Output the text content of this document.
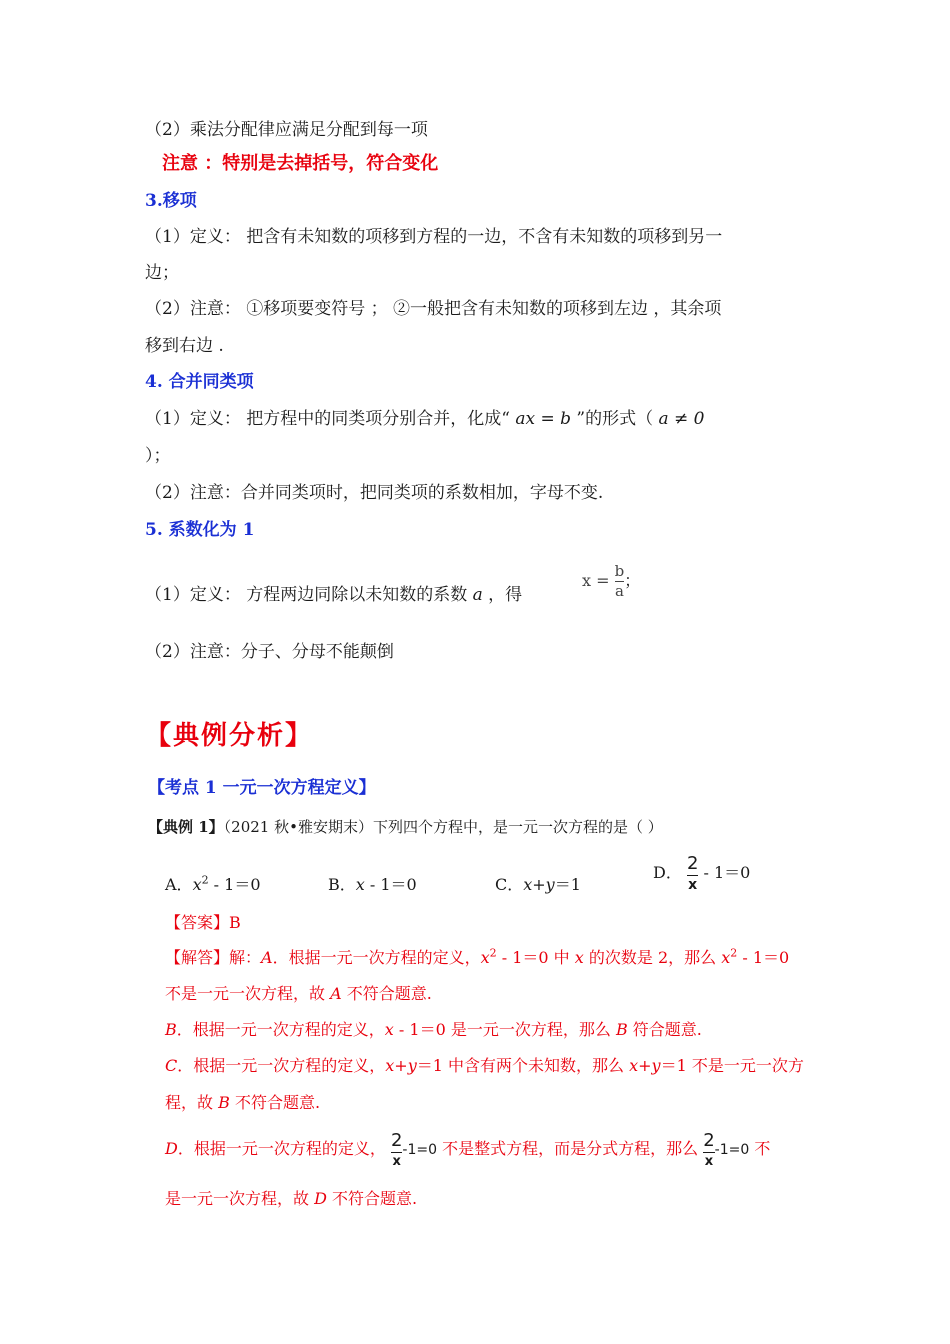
（2）乘法分配律应满足分配到每一项
注意 ：特别是去掉括号，符合变化
3.移项
（1）定义： 把含有未知数的项移到方程的一边，不含有未知数的项移到另一
边；
（2）注意： ①移项要变符号 ； ②一般把含有未知数的项移到左边 ，其余项
移到右边 .
4. 合并同类项
（1）定义： 把方程中的同类项分别合并，化成“ ax = b ”的形式（ a ≠ 0
）；
（2）注意：合并同类项时，把同类项的系数相加，字母不变.
5. 系数化为 1
（1）定义： 方程两边同除以未知数的系数 a ，得
$x = \frac{b}{a}$ ；
（2）注意：分子、分母不能颠倒
【典例分析】
【考点 1 一元一次方程定义】
【典例 1】（2021 秋•雅安期末）下列四个方程中，是一元一次方程的是（ ）
A．$x^2 - 1=0$	B．x - 1＝0	C．x+y＝1
D． $\frac{2}{x} - 1=0$
【答案】B
【解答】解：A．根据一元一次方程的定义，$x^2 - 1=0$ 中 x 的次数是 2，那么 $x^2 - 1=0$
不是一元一次方程，故 A 不符合题意.
B．根据一元一次方程的定义，x - 1＝0 是一元一次方程，那么 B 符合题意.
C．根据一元一次方程的定义，x+y＝1 中含有两个未知数，那么 x+y＝1 不是一元一次方
程，故 B 不符合题意.
D．根据一元一次方程的定义， $\frac{2}{x} -1=0$ 不是整式方程，而是分式方程，那么 $\frac{2}{x} -1=0$ 不
是一元一次方程，故 D 不符合题意.
